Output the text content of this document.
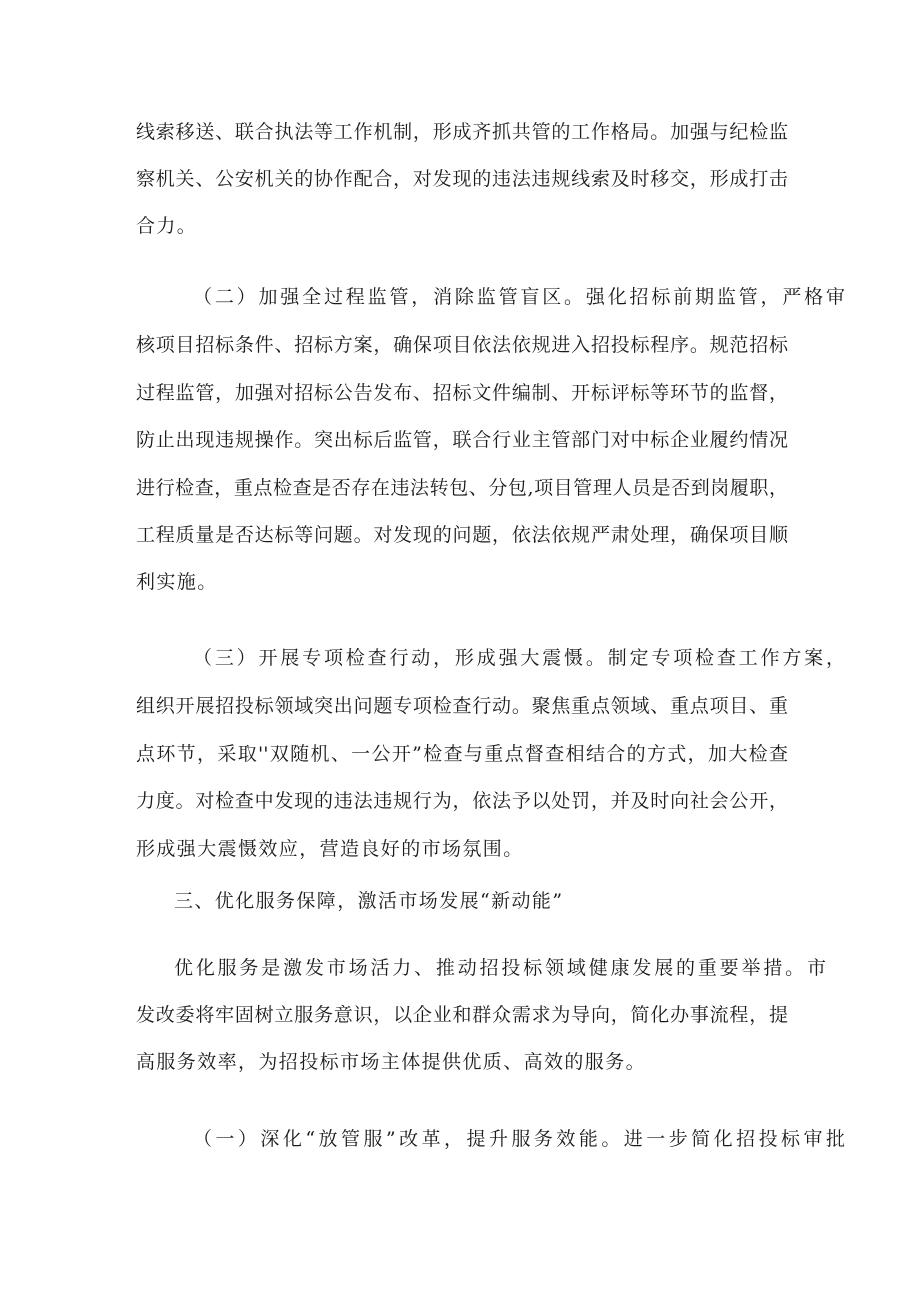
线索移送、联合执法等工作机制，形成齐抓共管的工作格局。加强与纪检监
察机关、公安机关的协作配合，对发现的违法违规线索及时移交，形成打击
合力。
（二）加强全过程监管，消除监管盲区。强化招标前期监管，严格审
核项目招标条件、招标方案，确保项目依法依规进入招投标程序。规范招标
过程监管，加强对招标公告发布、招标文件编制、开标评标等环节的监督，
防止出现违规操作。突出标后监管，联合行业主管部门对中标企业履约情况
进行检查，重点检查是否存在违法转包、分包,项目管理人员是否到岗履职，
工程质量是否达标等问题。对发现的问题，依法依规严肃处理，确保项目顺
利实施。
（三）开展专项检查行动，形成强大震慑。制定专项检查工作方案，
组织开展招投标领域突出问题专项检查行动。聚焦重点领域、重点项目、重
点环节，采取''双随机、一公开”检查与重点督查相结合的方式，加大检查
力度。对检查中发现的违法违规行为，依法予以处罚，并及时向社会公开，
形成强大震慑效应，营造良好的市场氛围。
三、优化服务保障，激活市场发展“新动能”
优化服务是激发市场活力、推动招投标领域健康发展的重要举措。市
发改委将牢固树立服务意识，以企业和群众需求为导向，简化办事流程，提
高服务效率，为招投标市场主体提供优质、高效的服务。
（一）深化“放管服”改革，提升服务效能。进一步简化招投标审批
